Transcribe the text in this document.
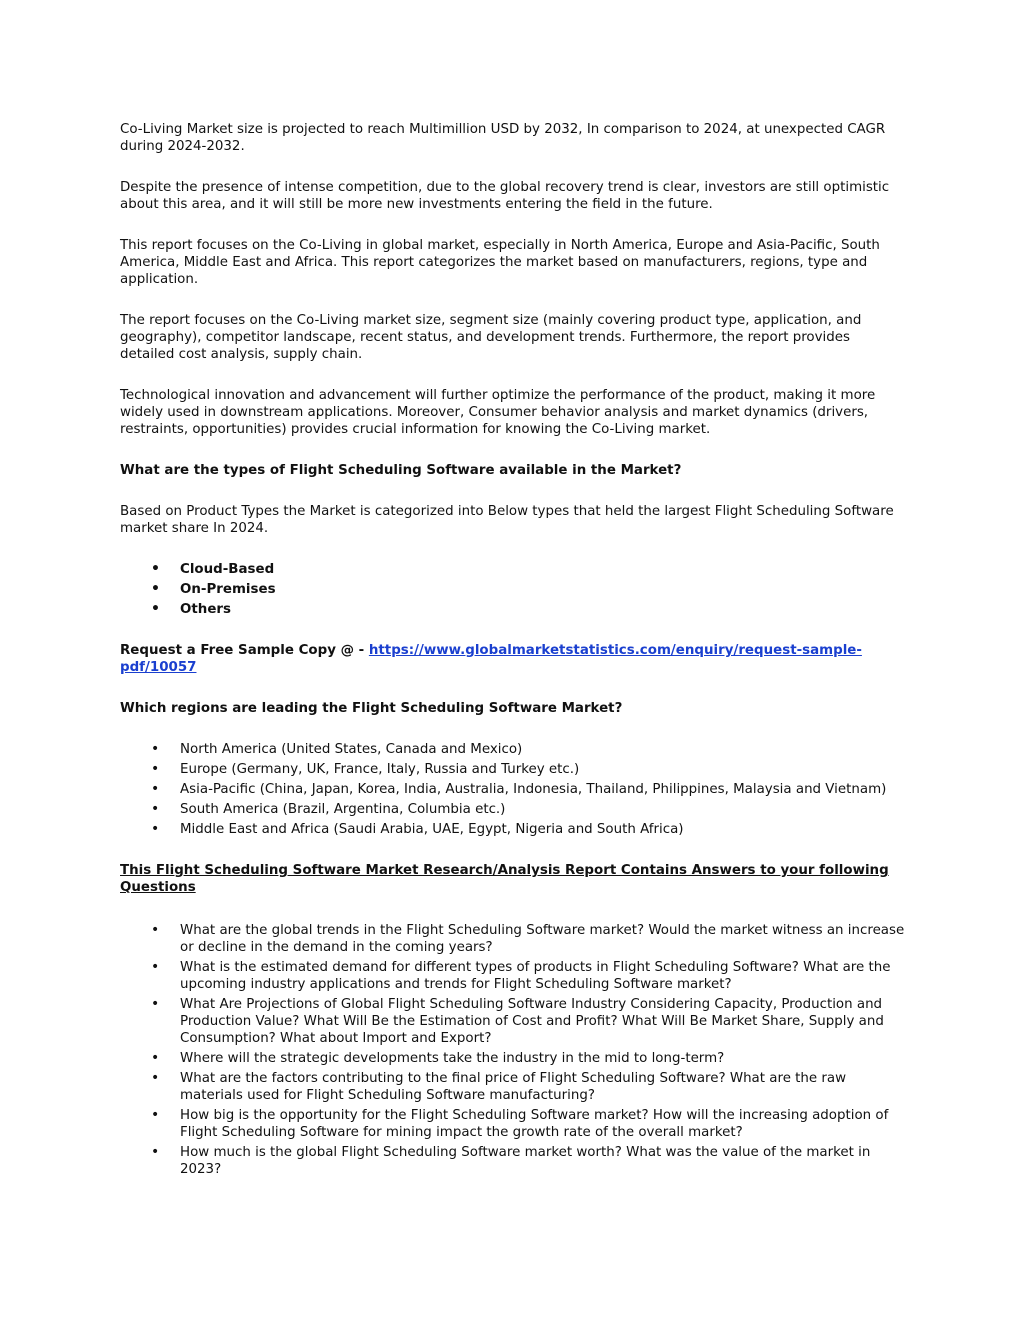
Co-Living Market size is projected to reach Multimillion USD by 2032, In comparison to 2024, at unexpected CAGR during 2024-2032.

Despite the presence of intense competition, due to the global recovery trend is clear, investors are still optimistic about this area, and it will still be more new investments entering the field in the future.

This report focuses on the Co-Living in global market, especially in North America, Europe and Asia-Pacific, South America, Middle East and Africa. This report categorizes the market based on manufacturers, regions, type and application.

The report focuses on the Co-Living market size, segment size (mainly covering product type, application, and geography), competitor landscape, recent status, and development trends. Furthermore, the report provides detailed cost analysis, supply chain.

Technological innovation and advancement will further optimize the performance of the product, making it more widely used in downstream applications. Moreover, Consumer behavior analysis and market dynamics (drivers, restraints, opportunities) provides crucial information for knowing the Co-Living market.

What are the types of Flight Scheduling Software available in the Market?

Based on Product Types the Market is categorized into Below types that held the largest Flight Scheduling Software market share In 2024.

• Cloud-Based
• On-Premises
• Others

Request a Free Sample Copy @ - https://www.globalmarketstatistics.com/enquiry/request-sample-pdf/10057

Which regions are leading the Flight Scheduling Software Market?

• North America (United States, Canada and Mexico)
• Europe (Germany, UK, France, Italy, Russia and Turkey etc.)
• Asia-Pacific (China, Japan, Korea, India, Australia, Indonesia, Thailand, Philippines, Malaysia and Vietnam)
• South America (Brazil, Argentina, Columbia etc.)
• Middle East and Africa (Saudi Arabia, UAE, Egypt, Nigeria and South Africa)

This Flight Scheduling Software Market Research/Analysis Report Contains Answers to your following Questions

• What are the global trends in the Flight Scheduling Software market? Would the market witness an increase or decline in the demand in the coming years?
• What is the estimated demand for different types of products in Flight Scheduling Software? What are the upcoming industry applications and trends for Flight Scheduling Software market?
• What Are Projections of Global Flight Scheduling Software Industry Considering Capacity, Production and Production Value? What Will Be the Estimation of Cost and Profit? What Will Be Market Share, Supply and Consumption? What about Import and Export?
• Where will the strategic developments take the industry in the mid to long-term?
• What are the factors contributing to the final price of Flight Scheduling Software? What are the raw materials used for Flight Scheduling Software manufacturing?
• How big is the opportunity for the Flight Scheduling Software market? How will the increasing adoption of Flight Scheduling Software for mining impact the growth rate of the overall market?
• How much is the global Flight Scheduling Software market worth? What was the value of the market in 2023?
